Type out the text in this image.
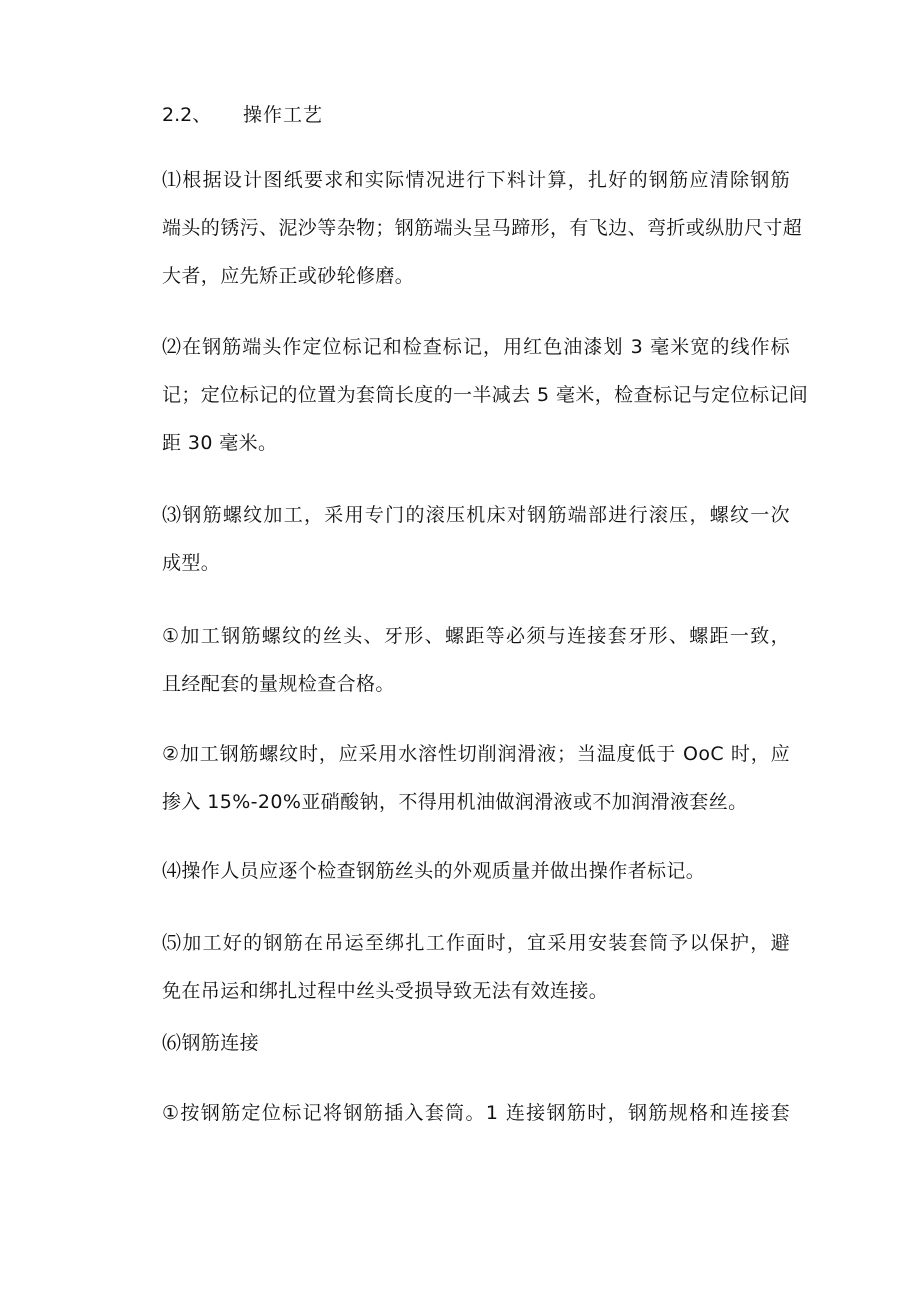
2.2、 操作工艺
⑴根据设计图纸要求和实际情况进行下料计算，扎好的钢筋应清除钢筋
端头的锈污、泥沙等杂物；钢筋端头呈马蹄形，有飞边、弯折或纵肋尺寸超
大者，应先矫正或砂轮修磨。
⑵在钢筋端头作定位标记和检查标记，用红色油漆划 3 毫米宽的线作标
记；定位标记的位置为套筒长度的一半减去 5 毫米，检查标记与定位标记间
距 30 毫米。
⑶钢筋螺纹加工，采用专门的滚压机床对钢筋端部进行滚压，螺纹一次
成型。
①加工钢筋螺纹的丝头、牙形、螺距等必须与连接套牙形、螺距一致，
且经配套的量规检查合格。
②加工钢筋螺纹时，应采用水溶性切削润滑液；当温度低于 OoC 时，应
掺入 15%-20%亚硝酸钠，不得用机油做润滑液或不加润滑液套丝。
⑷操作人员应逐个检查钢筋丝头的外观质量并做出操作者标记。
⑸加工好的钢筋在吊运至绑扎工作面时，宜采用安装套筒予以保护，避
免在吊运和绑扎过程中丝头受损导致无法有效连接。
⑹钢筋连接
①按钢筋定位标记将钢筋插入套筒。1 连接钢筋时，钢筋规格和连接套
